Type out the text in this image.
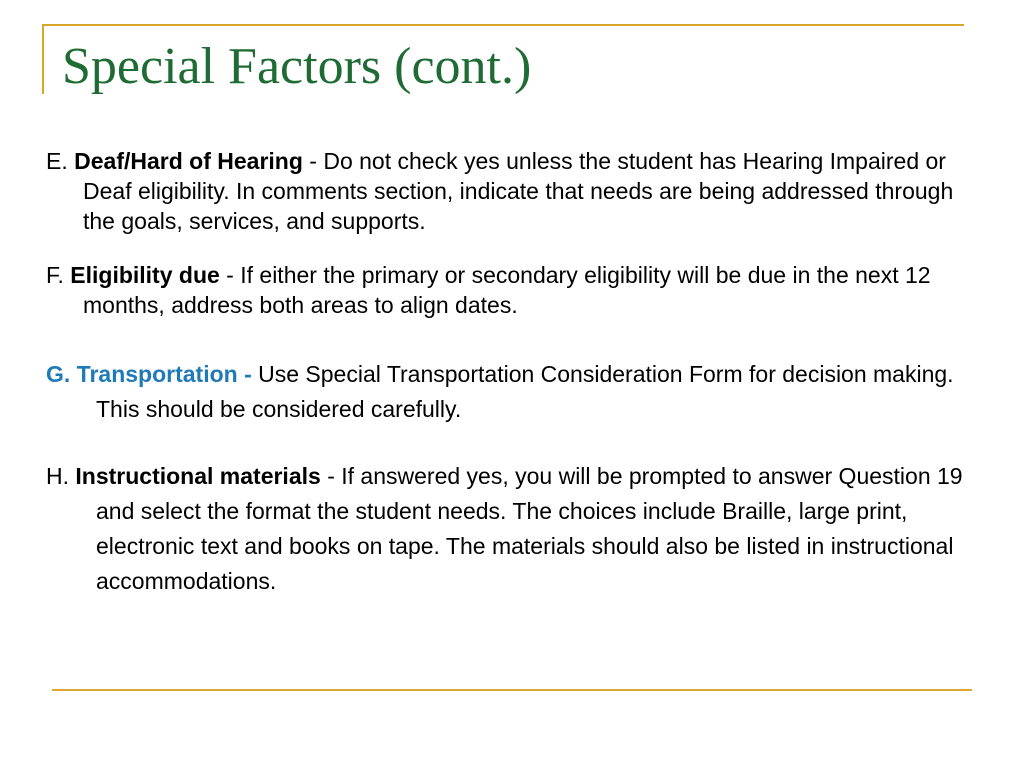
Special Factors (cont.)

E. Deaf/Hard of Hearing - Do not check yes unless the student has Hearing Impaired or Deaf eligibility. In comments section, indicate that needs are being addressed through the goals, services, and supports.

F. Eligibility due - If either the primary or secondary eligibility will be due in the next 12 months, address both areas to align dates.

G. Transportation - Use Special Transportation Consideration Form for decision making. This should be considered carefully.

H. Instructional materials - If answered yes, you will be prompted to answer Question 19 and select the format the student needs. The choices include Braille, large print, electronic text and books on tape. The materials should also be listed in instructional accommodations.
